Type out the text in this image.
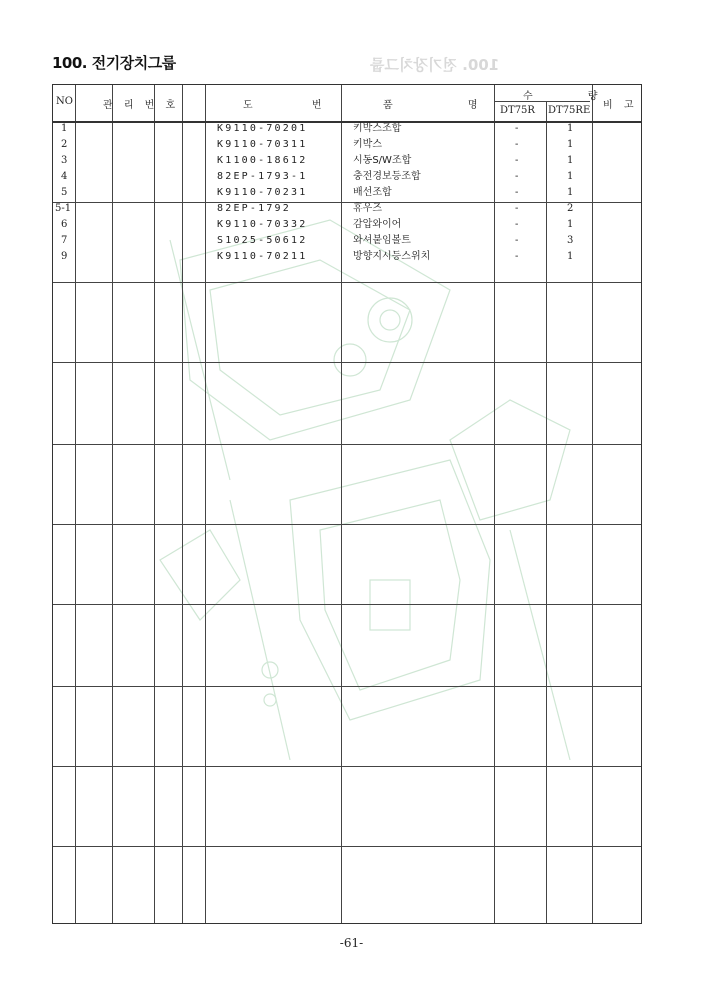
100. 전기장치그룹	100. 전기장치그룹
NO	관 리 번 호	도 번	품 명
수 량
DT75R DT75RE 비 고
1	K9110-70201	키박스조합	-	1
2	K9110-70311	키박스	-	1
3	K1100-18612	시동S/W조합	-	1
4	82EP-1793-1	충전경보등조합	-	1
5	K9110-70231	배선조합	-	1
5-1	82EP-1792	휴우즈	-	2
6	K9110-70332	감압와이어	-	1
7	S1025-50612	와셔붙임볼트	-	3
9	K9110-70211	방향지시등스위치	-	1
-61-
